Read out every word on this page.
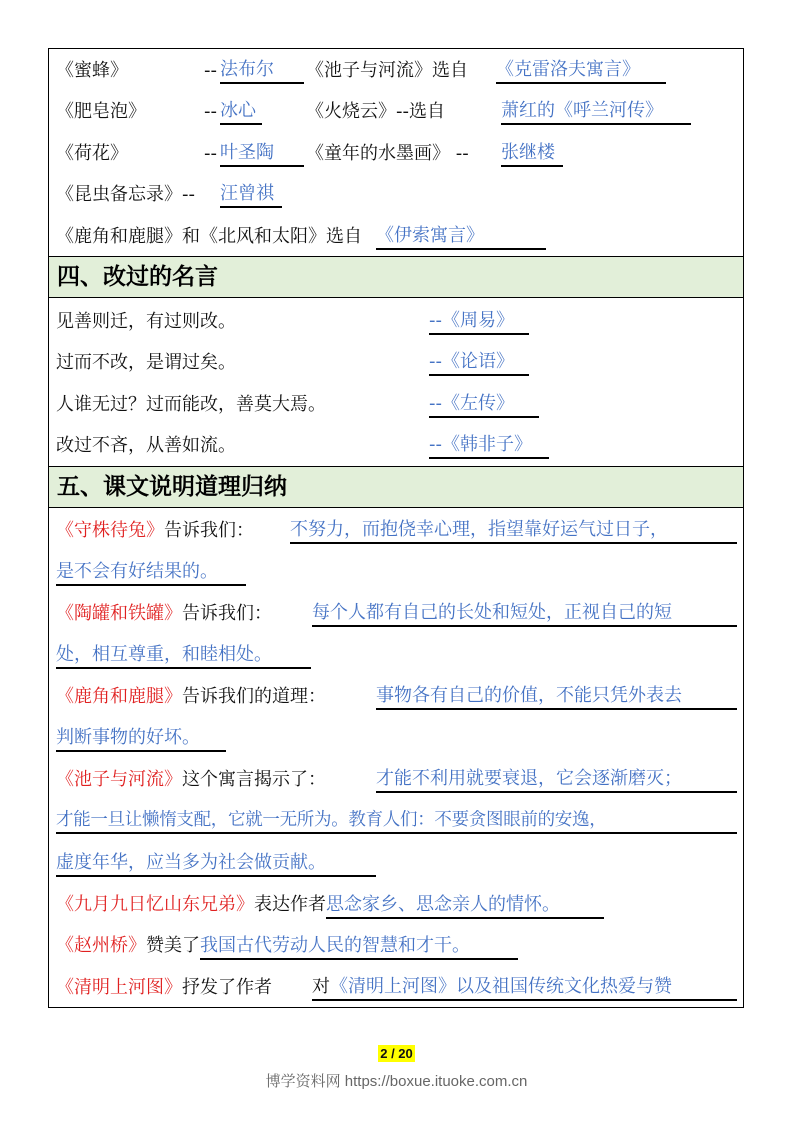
《蜜蜂》	-- 法布尔	《池子与河流》选自 《克雷洛夫寓言》
《肥皂泡》	-- 冰心	《火烧云》--选自	萧红的《呼兰河传》
《荷花》	-- 叶圣陶	《童年的水墨画》 -- 张继楼
《昆虫备忘录》-- 汪曾祺
《鹿角和鹿腿》和《北风和太阳》选自 《伊索寓言》
四、改过的名言
见善则迁，有过则改。	--《周易》
过而不改，是谓过矣。	--《论语》
人谁无过？过而能改，善莫大焉。	--《左传》
改过不吝，从善如流。	--《韩非子》
五、课文说明道理归纳
《守株待兔》告诉我们： 不努力，而抱侥幸心理，指望靠好运气过日子，
是不会有好结果的。
《陶罐和铁罐》告诉我们： 每个人都有自己的长处和短处，正视自己的短
处，相互尊重，和睦相处。
《鹿角和鹿腿》告诉我们的道理：	事物各有自己的价值，不能只凭外表去
判断事物的好坏。
《池子与河流》这个寓言揭示了：	才能不利用就要衰退，它会逐渐磨灭；
才能一旦让懒惰支配，它就一无所为。教育人们：不要贪图眼前的安逸，
虚度年华，应当多为社会做贡献。
《九月九日忆山东兄弟》表达作者思念家乡、思念亲人的情怀。
《赵州桥》赞美了我国古代劳动人民的智慧和才干。
《清明上河图》抒发了作者 对《清明上河图》以及祖国传统文化热爱与赞
2 / 20
博学资料网 https://boxue.ituoke.com.cn
